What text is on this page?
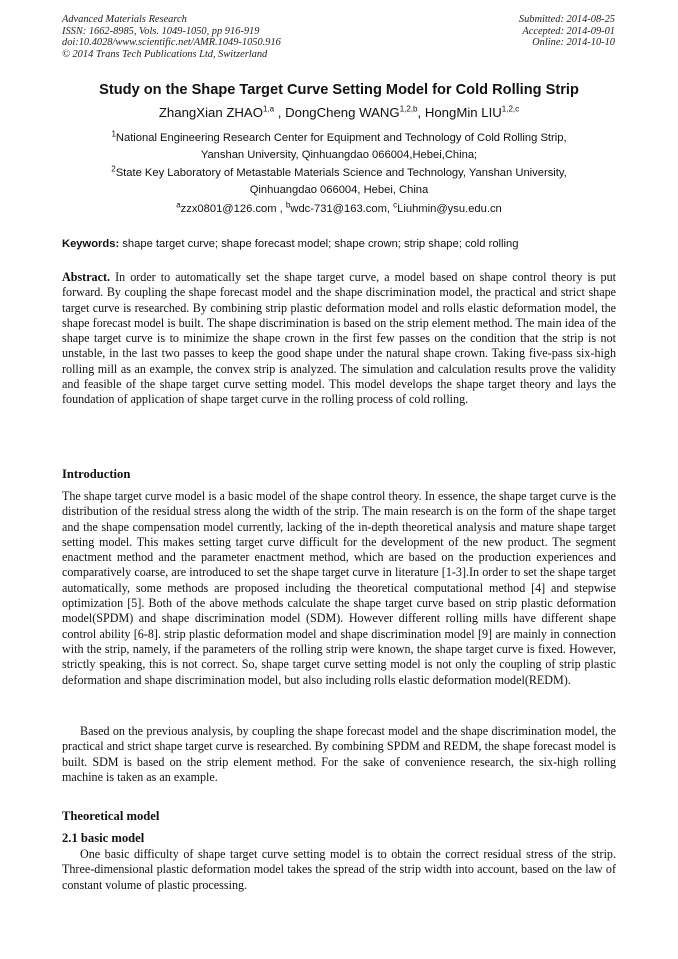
Advanced Materials Research
ISSN: 1662-8985, Vols. 1049-1050, pp 916-919
doi:10.4028/www.scientific.net/AMR.1049-1050.916
© 2014 Trans Tech Publications Ltd, Switzerland
Submitted: 2014-08-25
Accepted: 2014-09-01
Online: 2014-10-10
Study on the Shape Target Curve Setting Model for Cold Rolling Strip
ZhangXian ZHAO$^{1,a}$ , DongCheng WANG$^{1,2,b}$, HongMin LIU$^{1,2,c}$
$^1$National Engineering Research Center for Equipment and Technology of Cold Rolling Strip,
Yanshan University, Qinhuangdao 066004,Hebei,China;
$^2$State Key Laboratory of Metastable Materials Science and Technology, Yanshan University,
Qinhuangdao 066004, Hebei, China
$^a$zzx0801@126.com , $^b$wdc-731@163.com, $^c$Liuhmin@ysu.edu.cn
Keywords: shape target curve; shape forecast model; shape crown; strip shape; cold rolling
Abstract. In order to automatically set the shape target curve, a model based on shape control theory is put forward. By coupling the shape forecast model and the shape discrimination model, the practical and strict shape target curve is researched. By combining strip plastic deformation model and rolls elastic deformation model, the shape forecast model is built. The shape discrimination is based on the strip element method. The main idea of the shape target curve is to minimize the shape crown in the first few passes on the condition that the strip is not unstable, in the last two passes to keep the good shape under the natural shape crown. Taking five-pass six-high rolling mill as an example, the convex strip is analyzed. The simulation and calculation results prove the validity and feasible of the shape target curve setting model. This model develops the shape target theory and lays the foundation of application of shape target curve in the rolling process of cold rolling.
Introduction
The shape target curve model is a basic model of the shape control theory. In essence, the shape target curve is the distribution of the residual stress along the width of the strip. The main research is on the form of the shape target and the shape compensation model currently, lacking of the in-depth theoretical analysis and mature shape target setting model. This makes setting target curve difficult for the development of the new product. The segment enactment method and the parameter enactment method, which are based on the production experiences and comparatively coarse, are introduced to set the shape target curve in literature [1-3].In order to set the shape target automatically, some methods are proposed including the theoretical computational method [4] and stepwise optimization [5]. Both of the above methods calculate the shape target curve based on strip plastic deformation model(SPDM) and shape discrimination model (SDM). However different rolling mills have different shape control ability [6-8]. strip plastic deformation model and shape discrimination model [9] are mainly in connection with the strip, namely, if the parameters of the rolling strip were known, the shape target curve is fixed. However, strictly speaking, this is not correct. So, shape target curve setting model is not only the coupling of strip plastic deformation and shape discrimination model, but also including rolls elastic deformation model(REDM).
Based on the previous analysis, by coupling the shape forecast model and the shape discrimination model, the practical and strict shape target curve is researched. By combining SPDM and REDM, the shape forecast model is built. SDM is based on the strip element method. For the sake of convenience research, the six-high rolling machine is taken as an example.
Theoretical model
2.1 basic model
One basic difficulty of shape target curve setting model is to obtain the correct residual stress of the strip. Three-dimensional plastic deformation model takes the spread of the strip width into account, based on the law of constant volume of plastic processing.
